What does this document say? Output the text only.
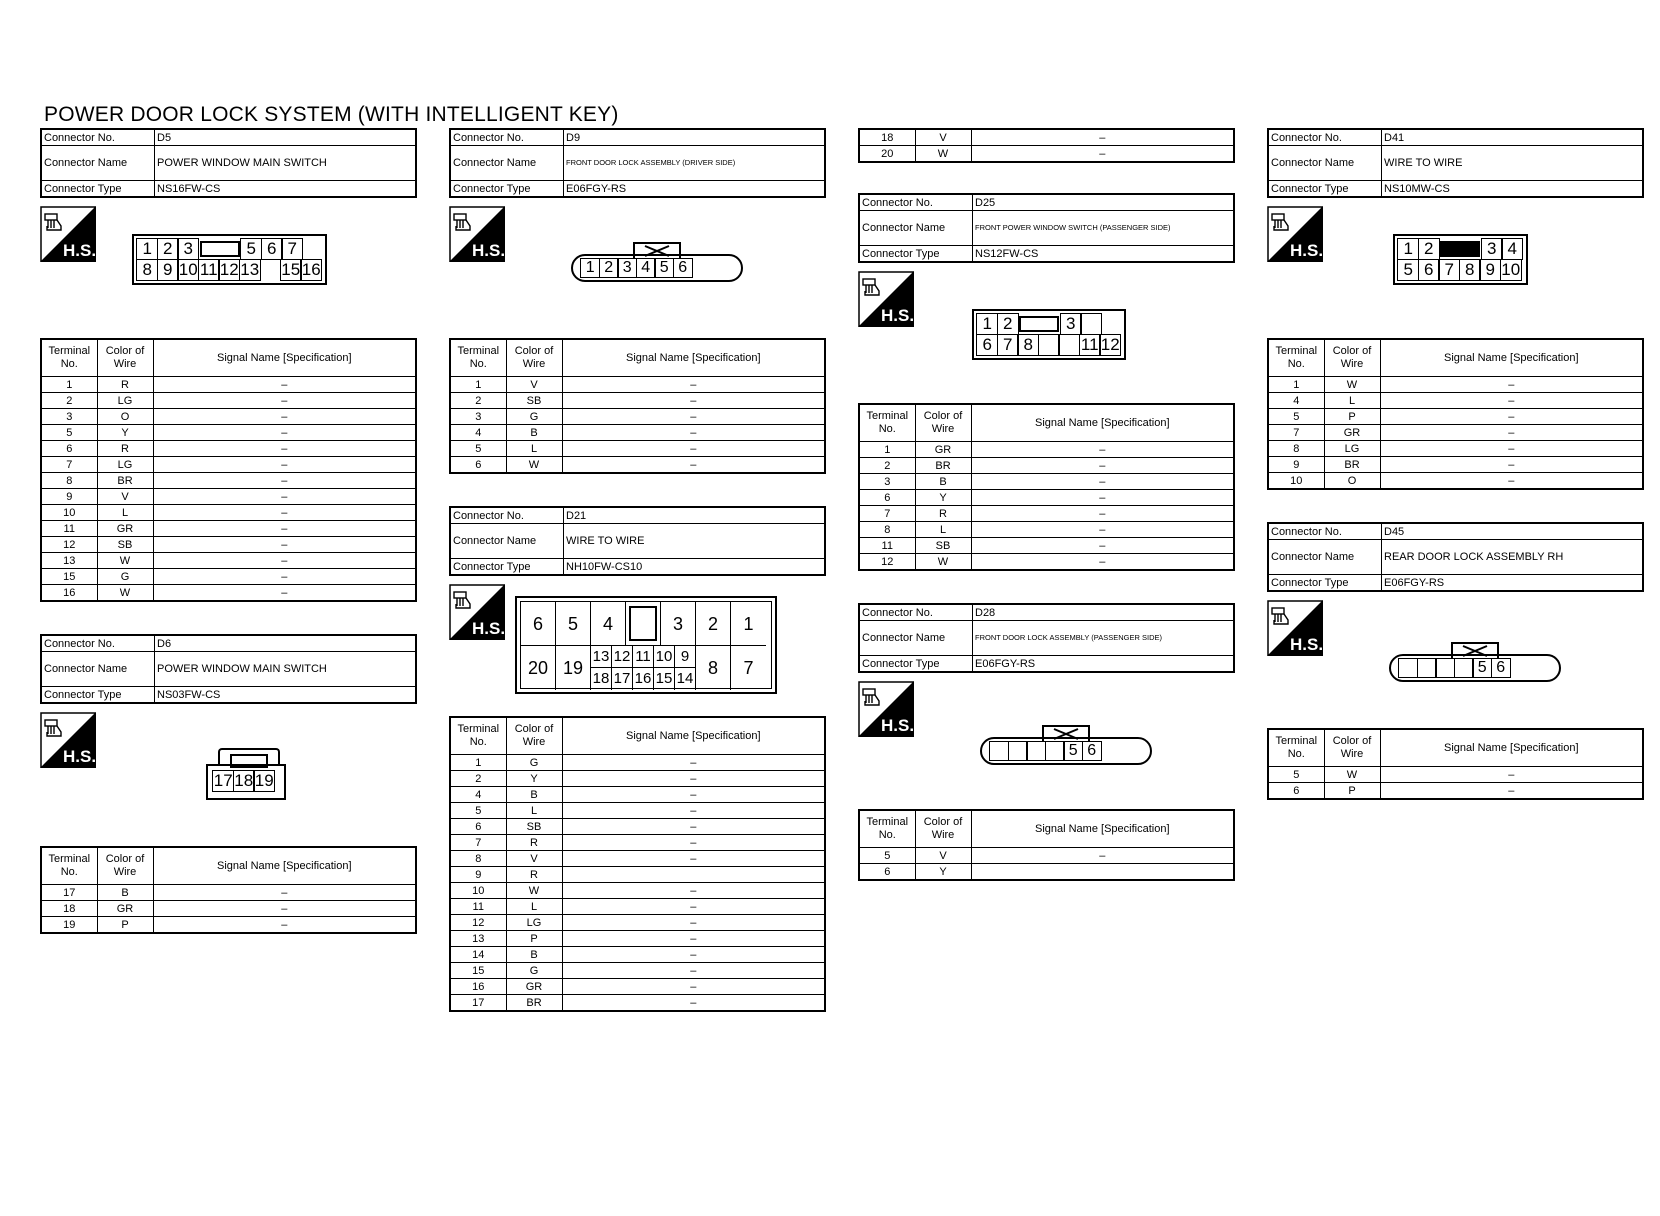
POWER DOOR LOCK SYSTEM (WITH INTELLIGENT KEY)
Connector No.	D5
Connector Name	POWER WINDOW MAIN SWITCH
Connector Type	NS16FW-CS
H.S.	1 2 3	5 6 7
8 9 10 11 12 13 15 16
Terminal No.	Color of Wire	Signal Name [Specification]
1	R	–
2	LG	–
3	O	–
5	Y	–
6	R	–
7	LG	–
8	BR	–
9	V	–
10	L	–
11	GR	–
12	SB	–
13	W	–
15	G	–
16	W	–
Connector No.	D6
Connector Name	POWER WINDOW MAIN SWITCH
Connector Type	NS03FW-CS
H.S.
17 18 19
Terminal No.	Color of Wire	Signal Name [Specification]
17	B	–
18	GR	–
19	P	–
Connector No.	D9
Connector Name	FRONT DOOR LOCK ASSEMBLY (DRIVER SIDE)
Connector Type	E06FGY-RS
H.S.
1 2 3 4 5 6
Terminal No.	Color of Wire	Signal Name [Specification]
1	V	–
2	SB	–
3	G	–
4	B	–
5	L	–
6	W	–
Connector No.	D21
Connector Name	WIRE TO WIRE
Connector Type	NH10FW-CS10
H.S.	6	5	4	3	2	1
20 19
13 12 11 10 9
18 17 16 15 14
8	7
Terminal No.	Color of Wire	Signal Name [Specification]
1	G	–
2	Y	–
4	B	–
5	L	–
6	SB	–
7	R	–
8	V	–
9	R	
10	W	–
11	L	–
12	LG	–
13	P	–
14	B	–
15	G	–
16	GR	–
17	BR	–
18	V	–
20	W	–
Connector No.	D25
Connector Name	FRONT POWER WINDOW SWITCH (PASSENGER SIDE)
Connector Type	NS12FW-CS
H.S.	1 2	3
6 7 8	11 12
Terminal No.	Color of Wire	Signal Name [Specification]
1	GR	–
2	BR	–
3	B	–
6	Y	–
7	R	–
8	L	–
11	SB	–
12	W	–
Connector No.	D28
Connector Name	FRONT DOOR LOCK ASSEMBLY (PASSENGER SIDE)
Connector Type	E06FGY-RS
H.S.
5 6
Terminal No.	Color of Wire	Signal Name [Specification]
5	V	–
6	Y	
Connector No.	D41
Connector Name	WIRE TO WIRE
Connector Type	NS10MW-CS
H.S.	1 2	3 4
5 6 7 8 9 10
Terminal No.	Color of Wire	Signal Name [Specification]
1	W	–
4	L	–
5	P	–
7	GR	–
8	LG	–
9	BR	–
10	O	–
Connector No.	D45
Connector Name	REAR DOOR LOCK ASSEMBLY RH
Connector Type	E06FGY-RS
H.S.
5 6
Terminal No.	Color of Wire	Signal Name [Specification]
5	W	–
6	P	–
